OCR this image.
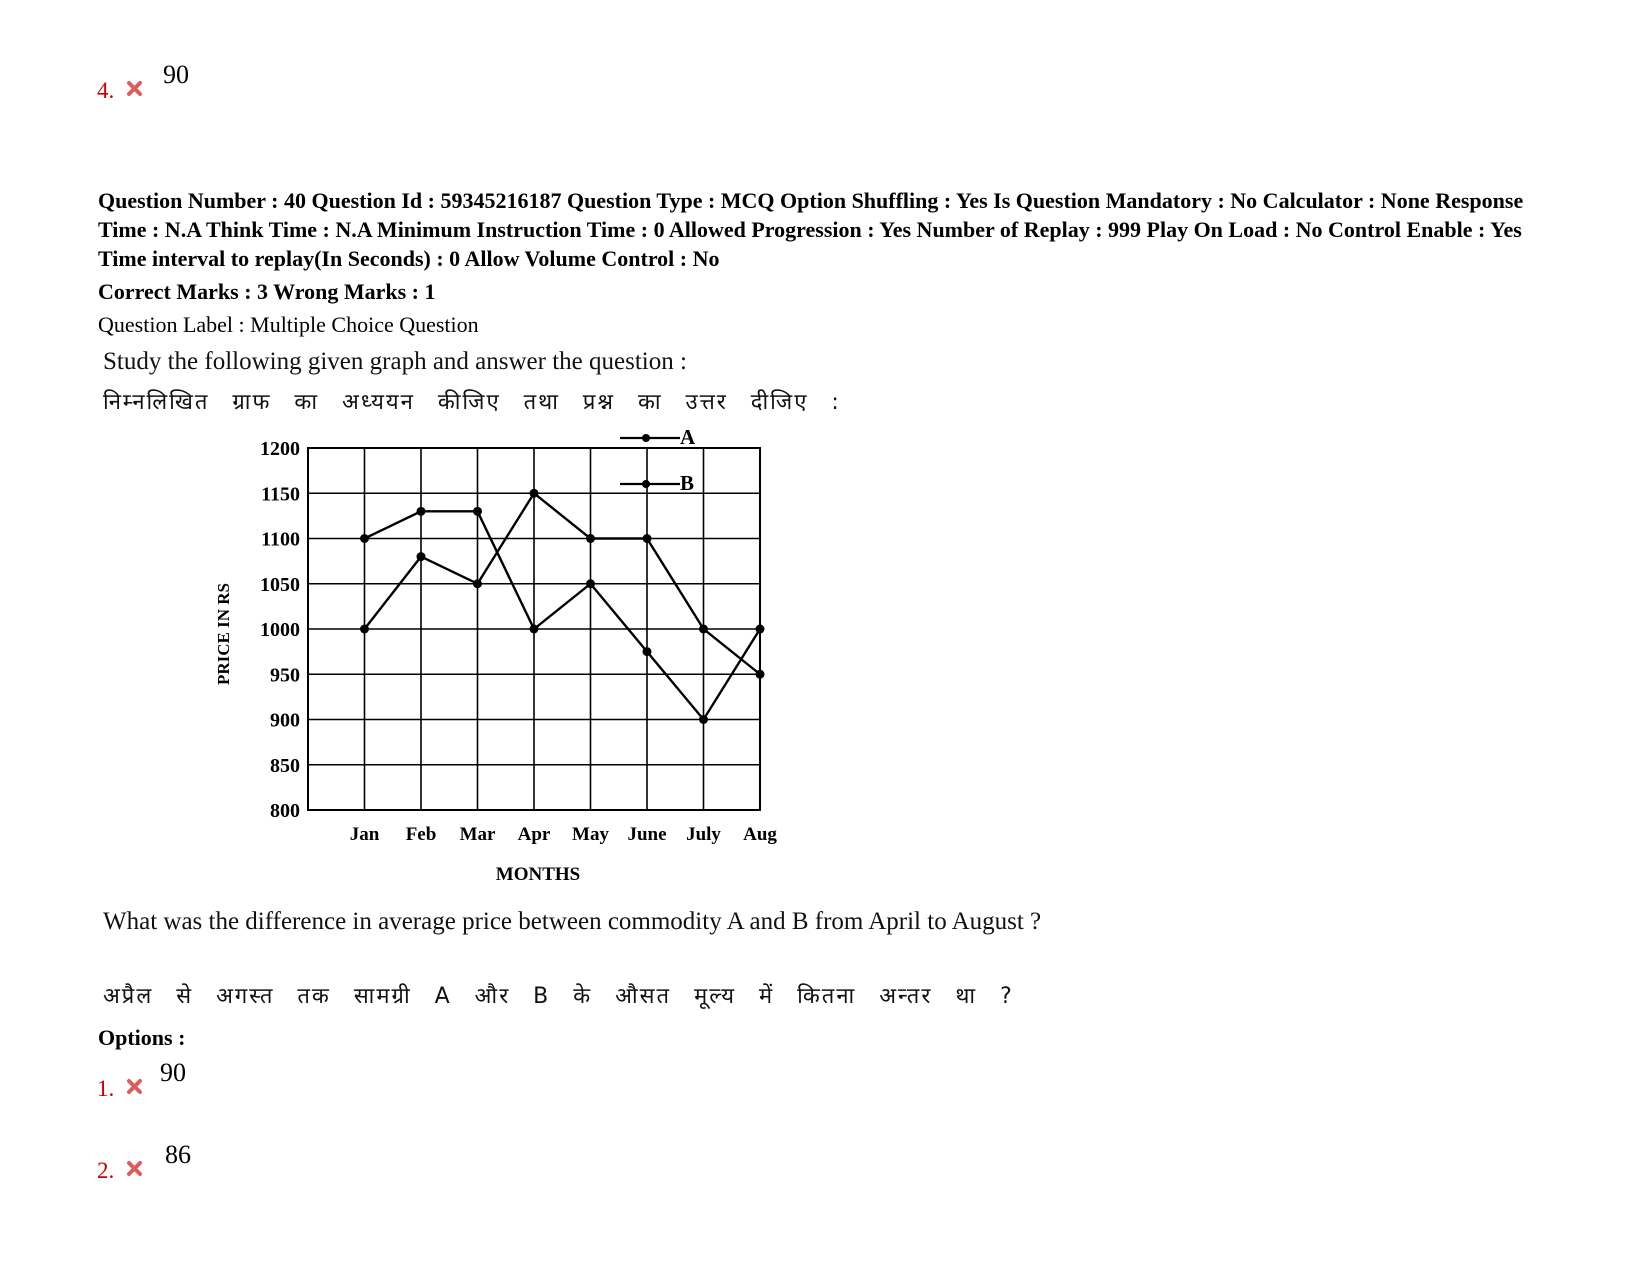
4.
90
Question Number : 40 Question Id : 59345216187 Question Type : MCQ Option Shuffling : Yes Is Question Mandatory : No Calculator : None Response Time : N.A Think Time : N.A Minimum Instruction Time : 0 Allowed Progression : Yes Number of Replay : 999 Play On Load : No Control Enable : Yes Time interval to replay(In Seconds) : 0 Allow Volume Control : No
Correct Marks : 3 Wrong Marks : 1
Question Label : Multiple Choice Question
Study the following given graph and answer the question :
निम्नलिखित ग्राफ का अध्ययन कीजिए तथा प्रश्न का उत्तर दीजिए :
1200
1150
1100
1050
1000
950
900
850
800
Jan Feb Mar Apr May June July Aug
MONTHS
PRICE IN RS
A
B
What was the difference in average price between commodity A and B from April to August ?
अप्रैल से अगस्त तक सामग्री A और B के औसत मूल्य में कितना अन्तर था ?
Options :
1.
90
2.
86
